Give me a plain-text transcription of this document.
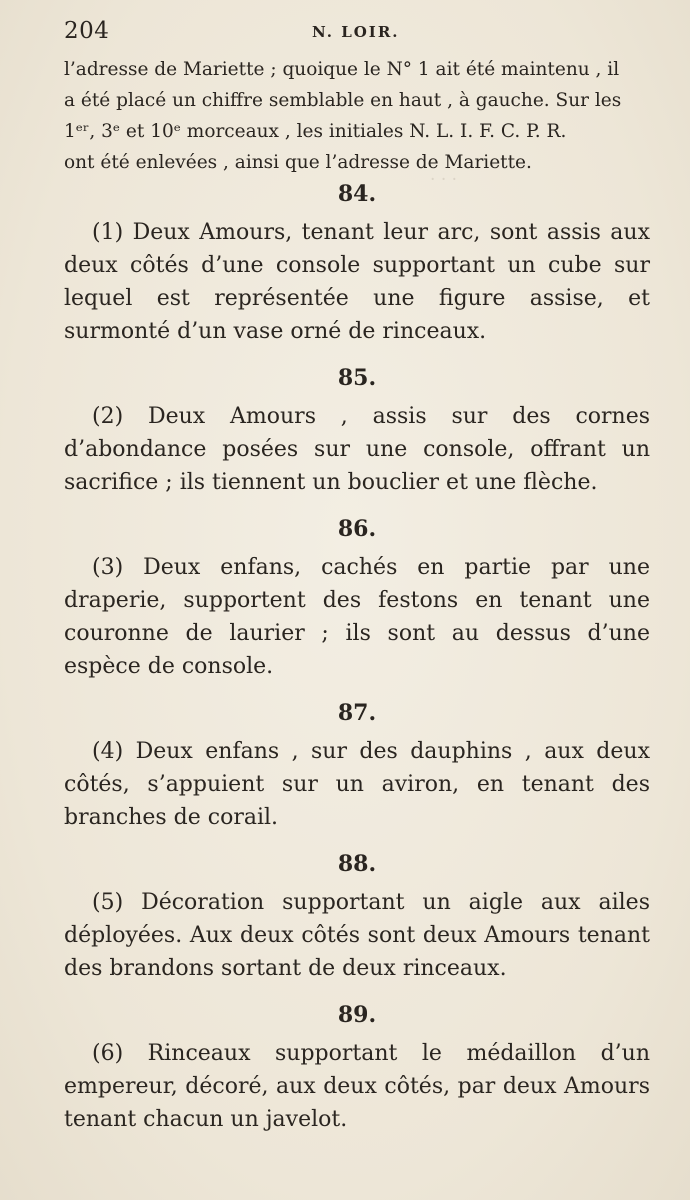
· · ·
204	N. LOIR.

l’adresse de Mariette ; quoique le N° 1 ait été maintenu , il

a été placé un chiffre semblable en haut , à gauche. Sur les

1ᵉʳ, 3ᵉ et 10ᵉ morceaux , les initiales N. L. I. F. C. P. R.

ont été enlevées , ainsi que l’adresse de Mariette.

84.

(1) Deux Amours, tenant leur arc, sont assis aux deux côtés d’une console supportant un cube sur lequel est représentée une figure assise, et surmonté d’un vase orné de rinceaux.

85.

(2) Deux Amours , assis sur des cornes d’abondance posées sur une console, offrant un sacrifice ; ils tiennent un bouclier et une flèche.

86.

(3) Deux enfans, cachés en partie par une draperie, supportent des festons en tenant une couronne de laurier ; ils sont au dessus d’une espèce de console.

87.

(4) Deux enfans , sur des dauphins , aux deux côtés, s’appuient sur un aviron, en tenant des branches de corail.

88.

(5) Décoration supportant un aigle aux ailes déployées. Aux deux côtés sont deux Amours tenant des brandons sortant de deux rinceaux.

89.

(6) Rinceaux supportant le médaillon d’un empereur, décoré, aux deux côtés, par deux Amours tenant chacun un javelot.
